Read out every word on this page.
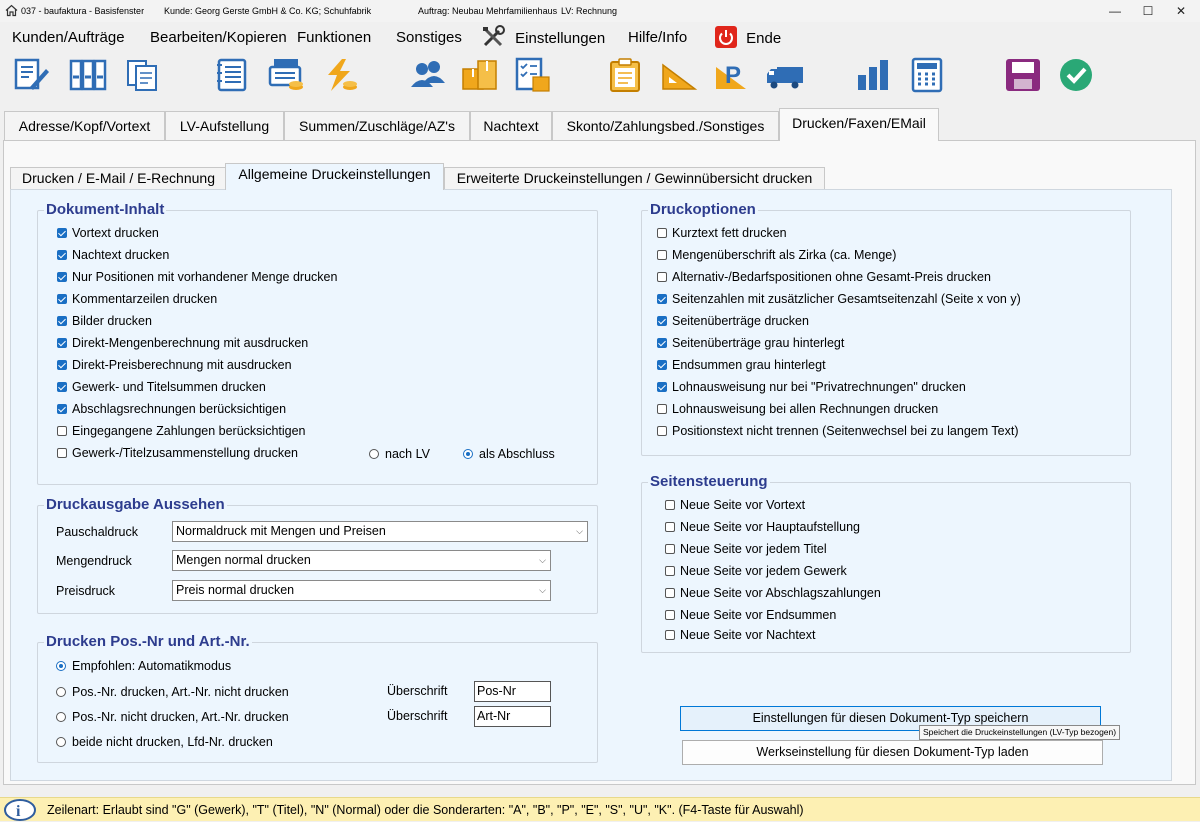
037 - baufaktura - Basisfenster Kunde: Georg Gerste GmbH & Co. KG; Schuhfabrik	Auftrag: Neubau Mehrfamilienhaus LV: Rechnung	—	☐	✕
Kunden/Aufträge Bearbeiten/Kopieren Funktionen Sonstiges	Einstellungen Hilfe/Info	Ende
P
Adresse/Kopf/Vortext	LV-Aufstellung	Summen/Zuschläge/AZ's	Nachtext	Skonto/Zahlungsbed./Sonstiges	Drucken/Faxen/EMail
Drucken / E-Mail / E-Rechnung	Allgemeine Druckeinstellungen	Erweiterte Druckeinstellungen / Gewinnübersicht drucken
Dokument-Inhalt
Vortext drucken
Nachtext drucken
Nur Positionen mit vorhandener Menge drucken
Kommentarzeilen drucken
Bilder drucken
Direkt-Mengenberechnung mit ausdrucken
Direkt-Preisberechnung mit ausdrucken
Gewerk- und Titelsummen drucken
Abschlagsrechnungen berücksichtigen
Eingegangene Zahlungen berücksichtigen
Gewerk-/Titelzusammenstellung drucken	nach LV	als Abschluss
Druckausgabe Aussehen
Pauschaldruck	Normaldruck mit Mengen und Preisen	⌵
Mengendruck	Mengen normal drucken	⌵
Preisdruck	Preis normal drucken	⌵
Drucken Pos.-Nr und Art.-Nr.
Empfohlen: Automatikmodus
Pos.-Nr. drucken, Art.-Nr. nicht drucken
Pos.-Nr. nicht drucken, Art.-Nr. drucken
beide nicht drucken, Lfd-Nr. drucken
Überschrift Pos-Nr
Überschrift Art-Nr
Druckoptionen
Kurztext fett drucken
Mengenüberschrift als Zirka (ca. Menge)
Alternativ-/Bedarfspositionen ohne Gesamt-Preis drucken
Seitenzahlen mit zusätzlicher Gesamtseitenzahl (Seite x von y)
Seitenüberträge drucken
Seitenüberträge grau hinterlegt
Endsummen grau hinterlegt
Lohnausweisung nur bei "Privatrechnungen" drucken
Lohnausweisung bei allen Rechnungen drucken
Positionstext nicht trennen (Seitenwechsel bei zu langem Text)
Seitensteuerung
Neue Seite vor Vortext
Neue Seite vor Hauptaufstellung
Neue Seite vor jedem Titel
Neue Seite vor jedem Gewerk
Neue Seite vor Abschlagszahlungen
Neue Seite vor Endsummen
Neue Seite vor Nachtext
Einstellungen für diesen Dokument-Typ speichern
Speichert die Druckeinstellungen (LV-Typ bezogen)
Werkseinstellung für diesen Dokument-Typ laden
i Zeilenart: Erlaubt sind "G" (Gewerk), "T" (Titel), "N" (Normal) oder die Sonderarten: "A", "B", "P", "E", "S", "U", "K". (F4-Taste für Auswahl)
